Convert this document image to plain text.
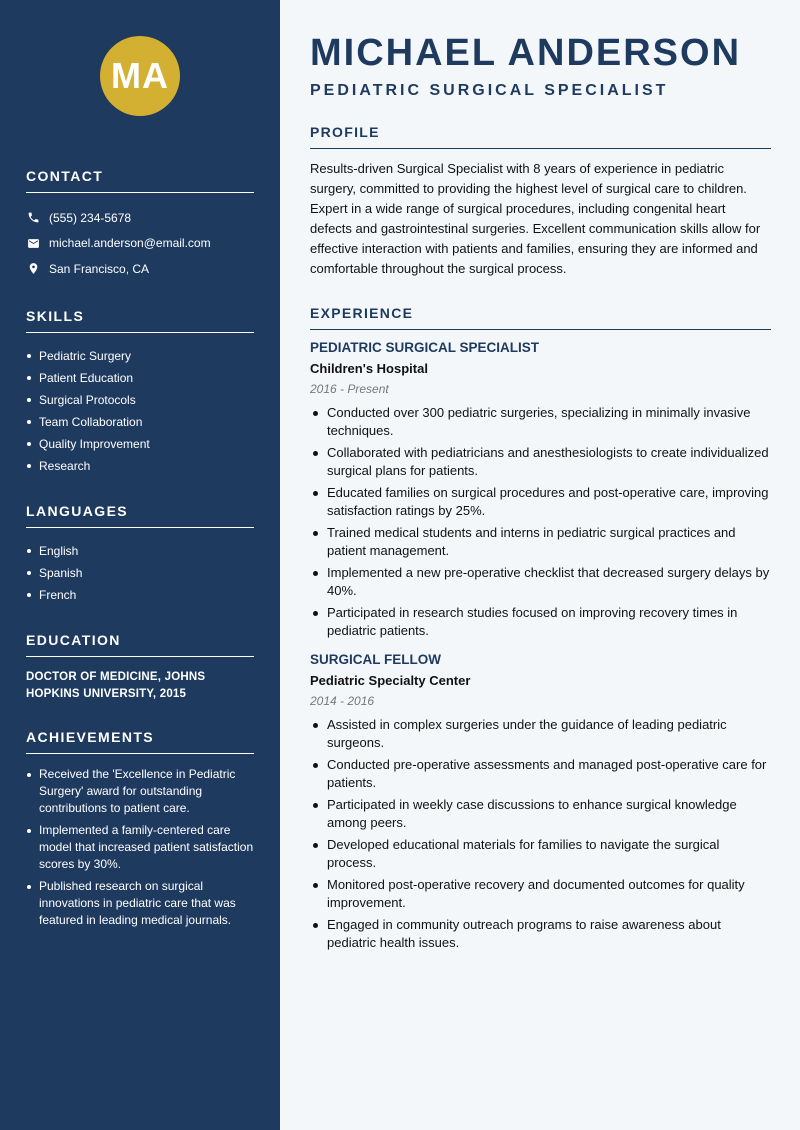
MA
CONTACT
(555) 234-5678
michael.anderson@email.com
San Francisco, CA
SKILLS
Pediatric Surgery
Patient Education
Surgical Protocols
Team Collaboration
Quality Improvement
Research
LANGUAGES
English
Spanish
French
EDUCATION
DOCTOR OF MEDICINE, JOHNS HOPKINS UNIVERSITY, 2015
ACHIEVEMENTS
Received the 'Excellence in Pediatric Surgery' award for outstanding contributions to patient care.
Implemented a family-centered care model that increased patient satisfaction scores by 30%.
Published research on surgical innovations in pediatric care that was featured in leading medical journals.
MICHAEL ANDERSON
PEDIATRIC SURGICAL SPECIALIST
PROFILE

Results-driven Surgical Specialist with 8 years of experience in pediatric surgery, committed to providing the highest level of surgical care to children. Expert in a wide range of surgical procedures, including congenital heart defects and gastrointestinal surgeries. Excellent communication skills allow for effective interaction with patients and families, ensuring they are informed and comfortable throughout the surgical process.

EXPERIENCE
PEDIATRIC SURGICAL SPECIALIST
Children's Hospital
2016 - Present
Conducted over 300 pediatric surgeries, specializing in minimally invasive techniques.
Collaborated with pediatricians and anesthesiologists to create individualized surgical plans for patients.
Educated families on surgical procedures and post-operative care, improving satisfaction ratings by 25%.
Trained medical students and interns in pediatric surgical practices and patient management.
Implemented a new pre-operative checklist that decreased surgery delays by 40%.
Participated in research studies focused on improving recovery times in pediatric patients.
SURGICAL FELLOW
Pediatric Specialty Center
2014 - 2016
Assisted in complex surgeries under the guidance of leading pediatric surgeons.
Conducted pre-operative assessments and managed post-operative care for patients.
Participated in weekly case discussions to enhance surgical knowledge among peers.
Developed educational materials for families to navigate the surgical process.
Monitored post-operative recovery and documented outcomes for quality improvement.
Engaged in community outreach programs to raise awareness about pediatric health issues.
